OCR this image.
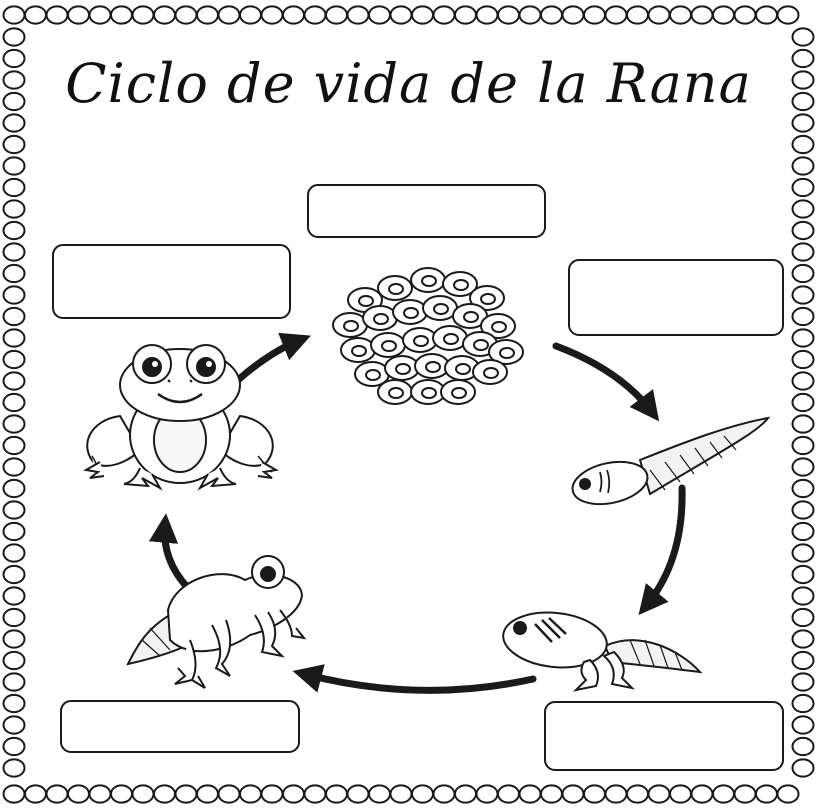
Ciclo de vida de la Rana
